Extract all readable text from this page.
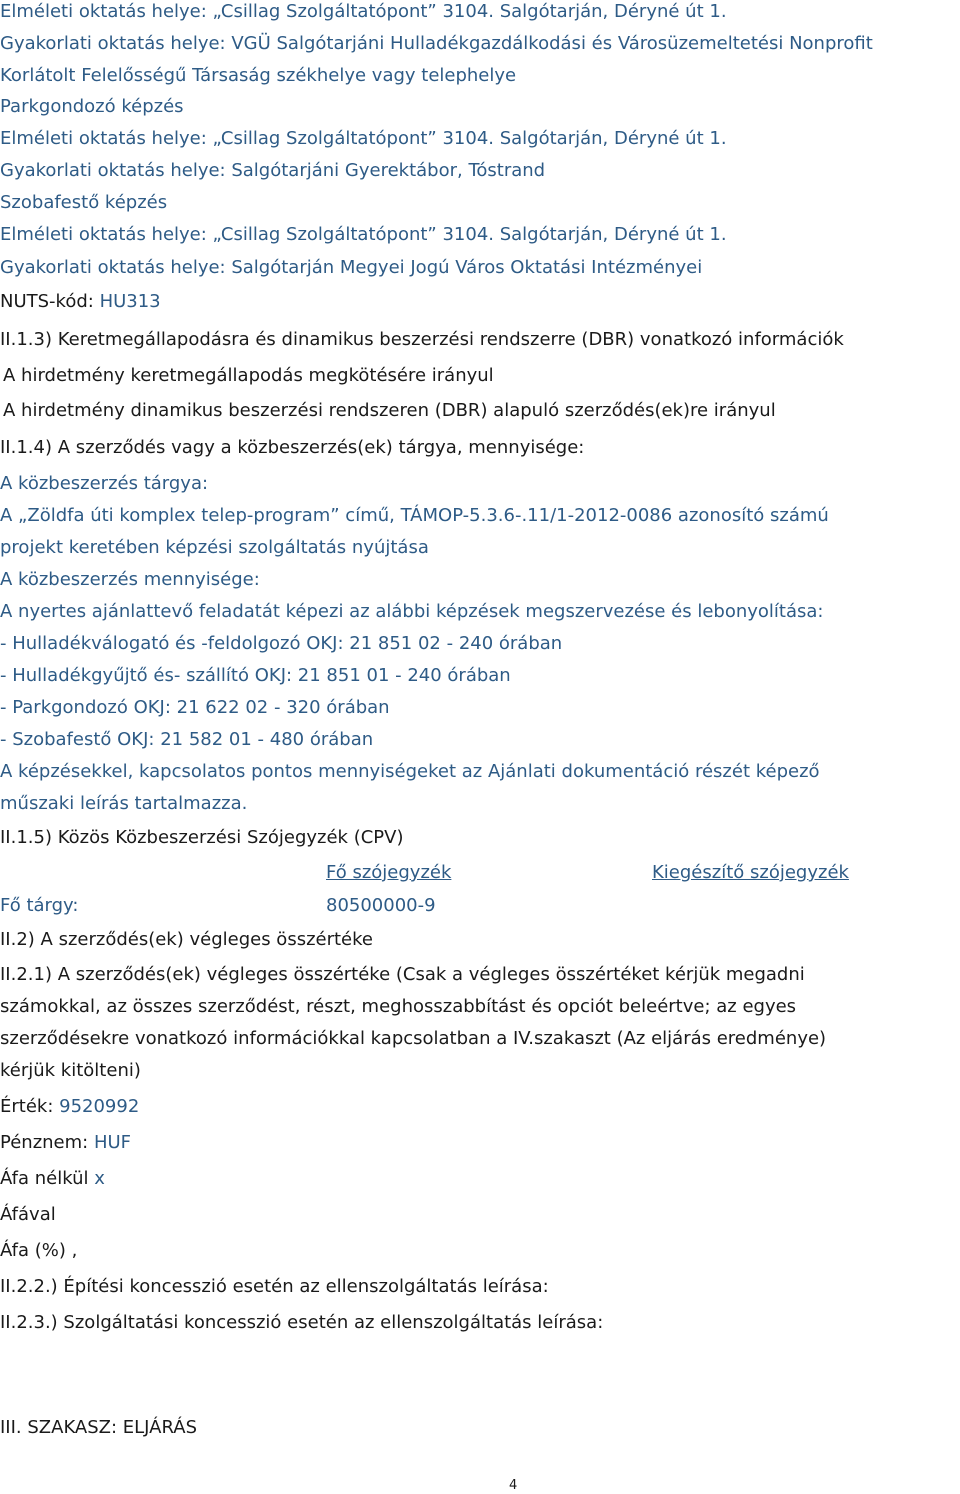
Elméleti oktatás helye: „Csillag Szolgáltatópont” 3104. Salgótarján, Déryné út 1.
Gyakorlati oktatás helye: VGÜ Salgótarjáni Hulladékgazdálkodási és Városüzemeltetési Nonprofit
Korlátolt Felelősségű Társaság székhelye vagy telephelye
Parkgondozó képzés
Elméleti oktatás helye: „Csillag Szolgáltatópont” 3104. Salgótarján, Déryné út 1.
Gyakorlati oktatás helye: Salgótarjáni Gyerektábor, Tóstrand
Szobafestő képzés
Elméleti oktatás helye: „Csillag Szolgáltatópont” 3104. Salgótarján, Déryné út 1.
Gyakorlati oktatás helye: Salgótarján Megyei Jogú Város Oktatási Intézményei
NUTS-kód: HU313
II.1.3) Keretmegállapodásra és dinamikus beszerzési rendszerre (DBR) vonatkozó információk
A hirdetmény keretmegállapodás megkötésére irányul
A hirdetmény dinamikus beszerzési rendszeren (DBR) alapuló szerződés(ek)re irányul
II.1.4) A szerződés vagy a közbeszerzés(ek) tárgya, mennyisége:
A közbeszerzés tárgya:
A „Zöldfa úti komplex telep-program” című, TÁMOP-5.3.6-.11/1-2012-0086 azonosító számú
projekt keretében képzési szolgáltatás nyújtása
A közbeszerzés mennyisége:
A nyertes ajánlattevő feladatát képezi az alábbi képzések megszervezése és lebonyolítása:
- Hulladékválogató és -feldolgozó OKJ: 21 851 02 - 240 órában
- Hulladékgyűjtő és- szállító OKJ: 21 851 01 - 240 órában
- Parkgondozó OKJ: 21 622 02 - 320 órában
- Szobafestő OKJ: 21 582 01 - 480 órában
A képzésekkel, kapcsolatos pontos mennyiségeket az Ajánlati dokumentáció részét képező
műszaki leírás tartalmazza.
II.1.5) Közös Közbeszerzési Szójegyzék (CPV)
Fő szójegyzék	Kiegészítő szójegyzék
Fő tárgy:	80500000-9
II.2) A szerződés(ek) végleges összértéke
II.2.1) A szerződés(ek) végleges összértéke (Csak a végleges összértéket kérjük megadni
számokkal, az összes szerződést, részt, meghosszabbítást és opciót beleértve; az egyes
szerződésekre vonatkozó információkkal kapcsolatban a IV.szakaszt (Az eljárás eredménye)
kérjük kitölteni)
Érték: 9520992
Pénznem: HUF
Áfa nélkül x
Áfával
Áfa (%) ,
II.2.2.) Építési koncesszió esetén az ellenszolgáltatás leírása:
II.2.3.) Szolgáltatási koncesszió esetén az ellenszolgáltatás leírása:
III. SZAKASZ: ELJÁRÁS
4
